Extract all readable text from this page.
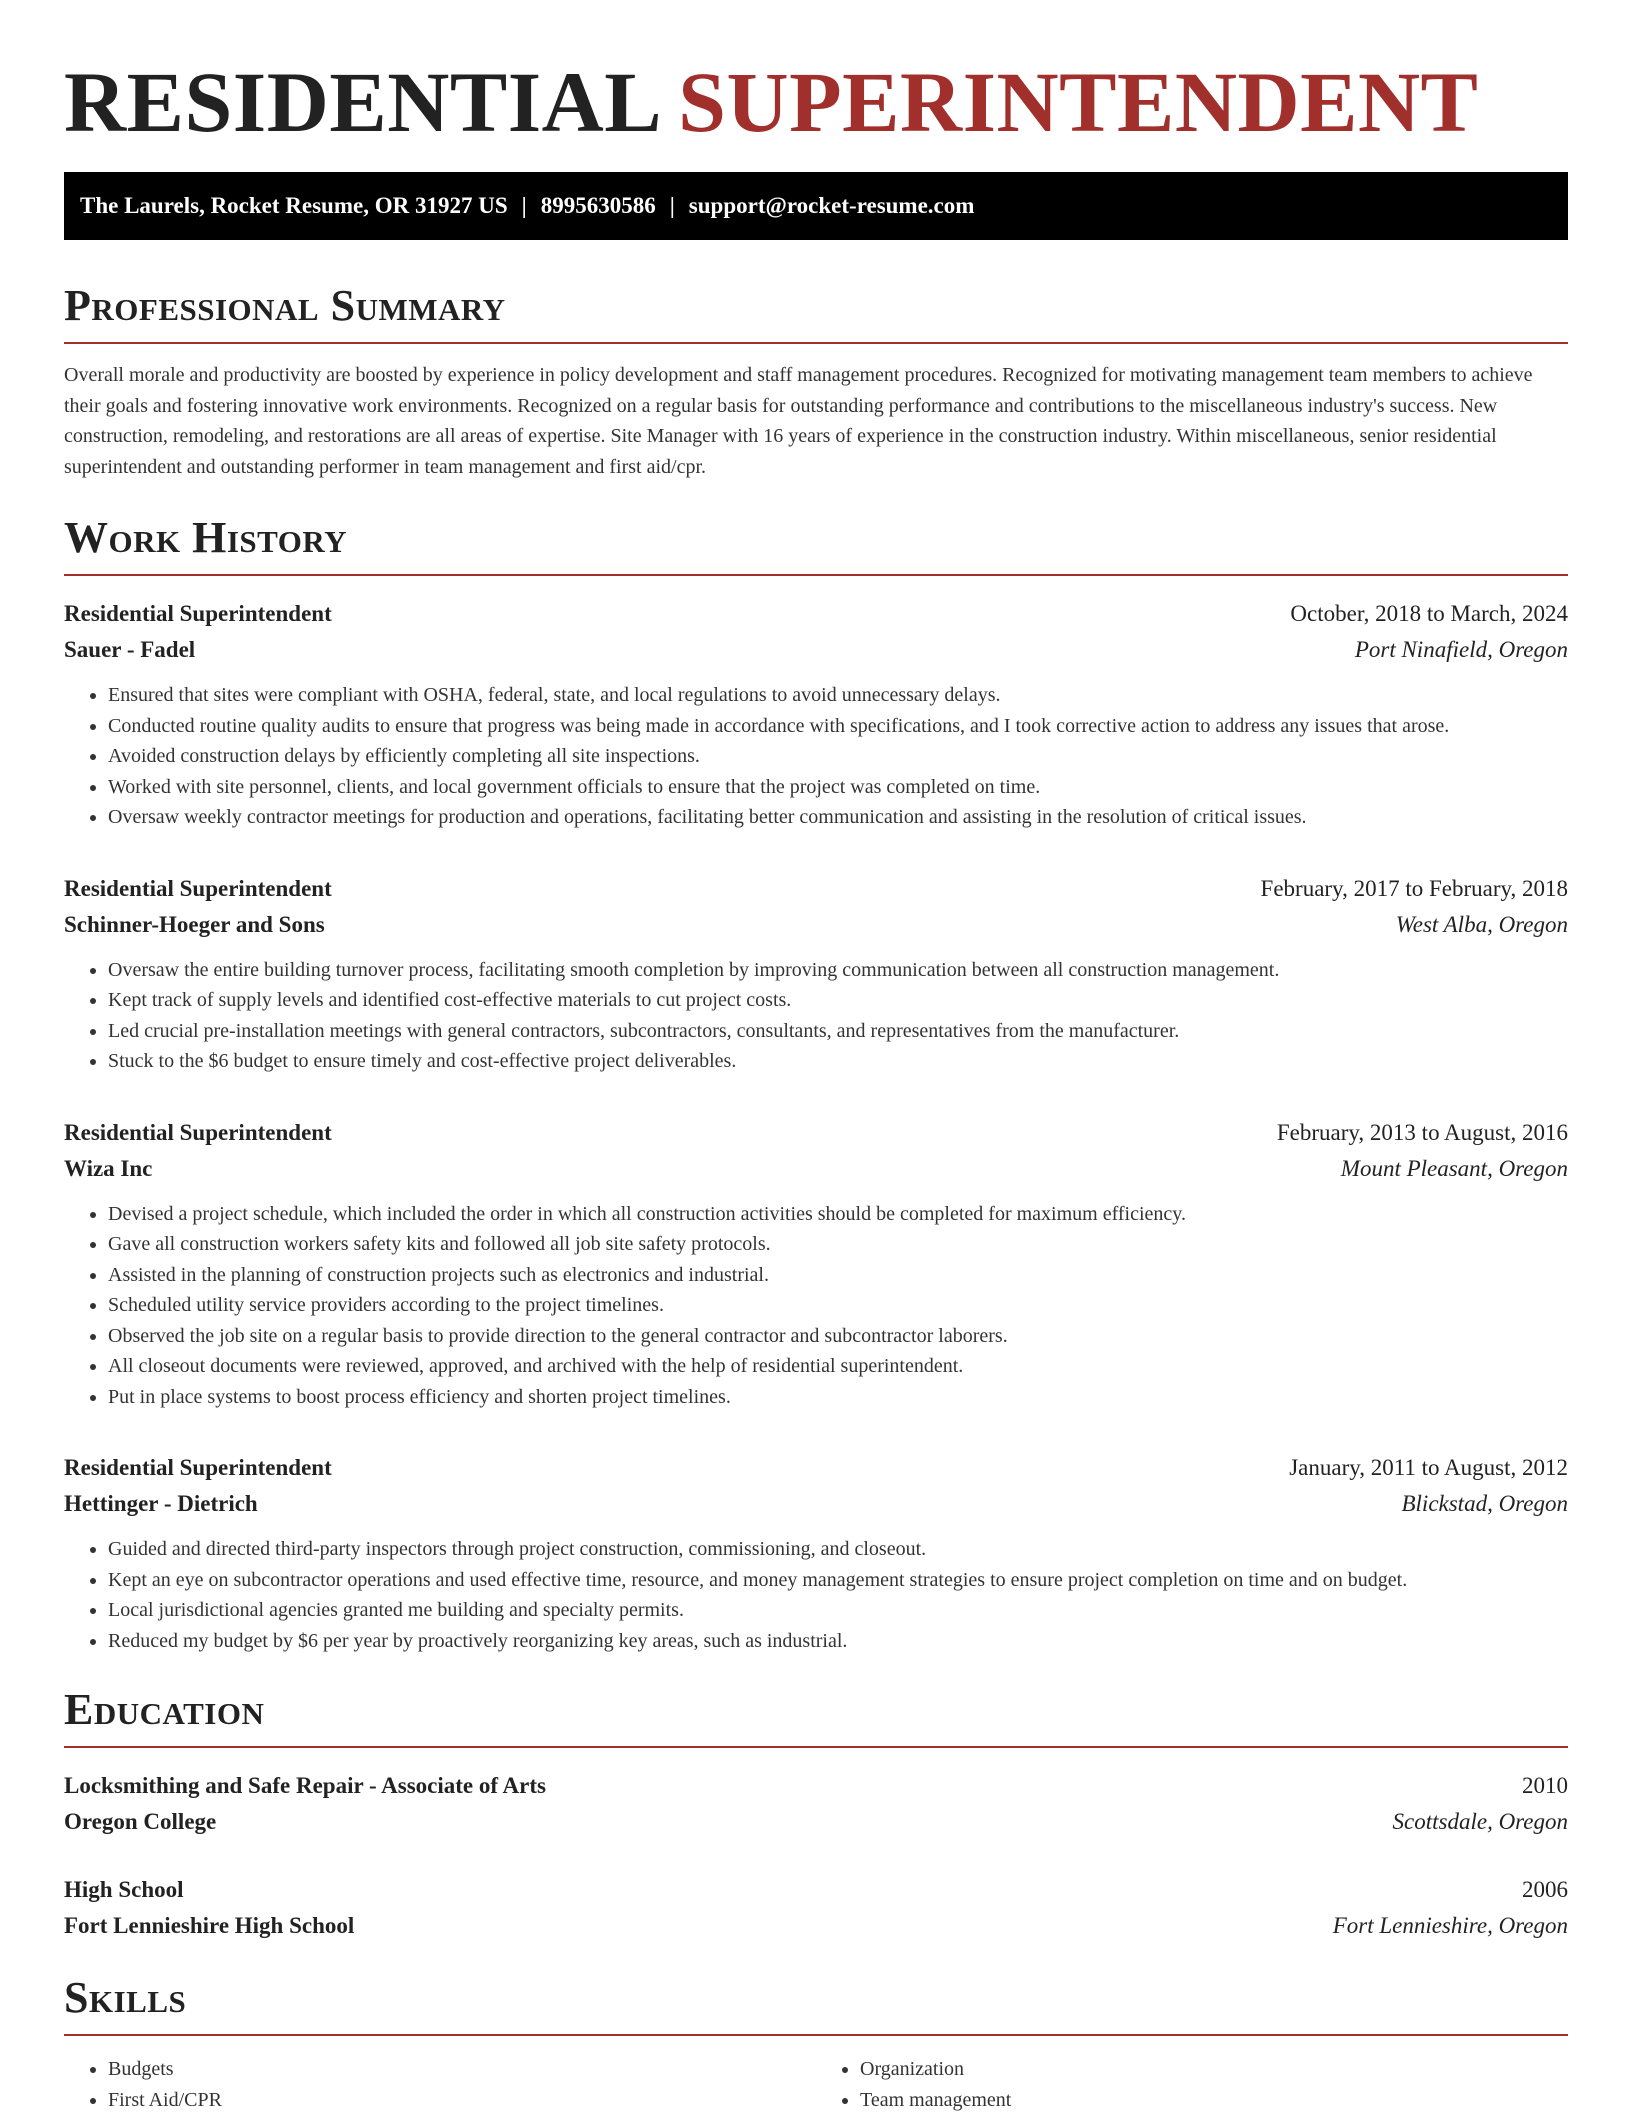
RESIDENTIAL SUPERINTENDENT
The Laurels, Rocket Resume, OR 31927 US | 8995630586 | support@rocket-resume.com
Professional Summary

Overall morale and productivity are boosted by experience in policy development and staff management procedures. Recognized for motivating management team members to achieve their goals and fostering innovative work environments. Recognized on a regular basis for outstanding performance and contributions to the miscellaneous industry's success. New construction, remodeling, and restorations are all areas of expertise. Site Manager with 16 years of experience in the construction industry. Within miscellaneous, senior residential superintendent and outstanding performer in team management and first aid/cpr.

Work History
Residential Superintendent	October, 2018 to March, 2024
Sauer - Fadel	Port Ninafield, Oregon
• Ensured that sites were compliant with OSHA, federal, state, and local regulations to avoid unnecessary delays.
• Conducted routine quality audits to ensure that progress was being made in accordance with specifications, and I took corrective action to address any issues that arose.
• Avoided construction delays by efficiently completing all site inspections.
• Worked with site personnel, clients, and local government officials to ensure that the project was completed on time.
• Oversaw weekly contractor meetings for production and operations, facilitating better communication and assisting in the resolution of critical issues.
Residential Superintendent	February, 2017 to February, 2018
Schinner-Hoeger and Sons	West Alba, Oregon
• Oversaw the entire building turnover process, facilitating smooth completion by improving communication between all construction management.
• Kept track of supply levels and identified cost-effective materials to cut project costs.
• Led crucial pre-installation meetings with general contractors, subcontractors, consultants, and representatives from the manufacturer.
• Stuck to the $6 budget to ensure timely and cost-effective project deliverables.
Residential Superintendent	February, 2013 to August, 2016
Wiza Inc	Mount Pleasant, Oregon
• Devised a project schedule, which included the order in which all construction activities should be completed for maximum efficiency.
• Gave all construction workers safety kits and followed all job site safety protocols.
• Assisted in the planning of construction projects such as electronics and industrial.
• Scheduled utility service providers according to the project timelines.
• Observed the job site on a regular basis to provide direction to the general contractor and subcontractor laborers.
• All closeout documents were reviewed, approved, and archived with the help of residential superintendent.
• Put in place systems to boost process efficiency and shorten project timelines.
Residential Superintendent	January, 2011 to August, 2012
Hettinger - Dietrich	Blickstad, Oregon
• Guided and directed third-party inspectors through project construction, commissioning, and closeout.
• Kept an eye on subcontractor operations and used effective time, resource, and money management strategies to ensure project completion on time and on budget.
• Local jurisdictional agencies granted me building and specialty permits.
• Reduced my budget by $6 per year by proactively reorganizing key areas, such as industrial.
Education
Locksmithing and Safe Repair - Associate of Arts	2010
Oregon College	Scottsdale, Oregon
High School	2006
Fort Lennieshire High School	Fort Lennieshire, Oregon
Skills
• Budgets
• First Aid/CPR
• Organization
• Team management
